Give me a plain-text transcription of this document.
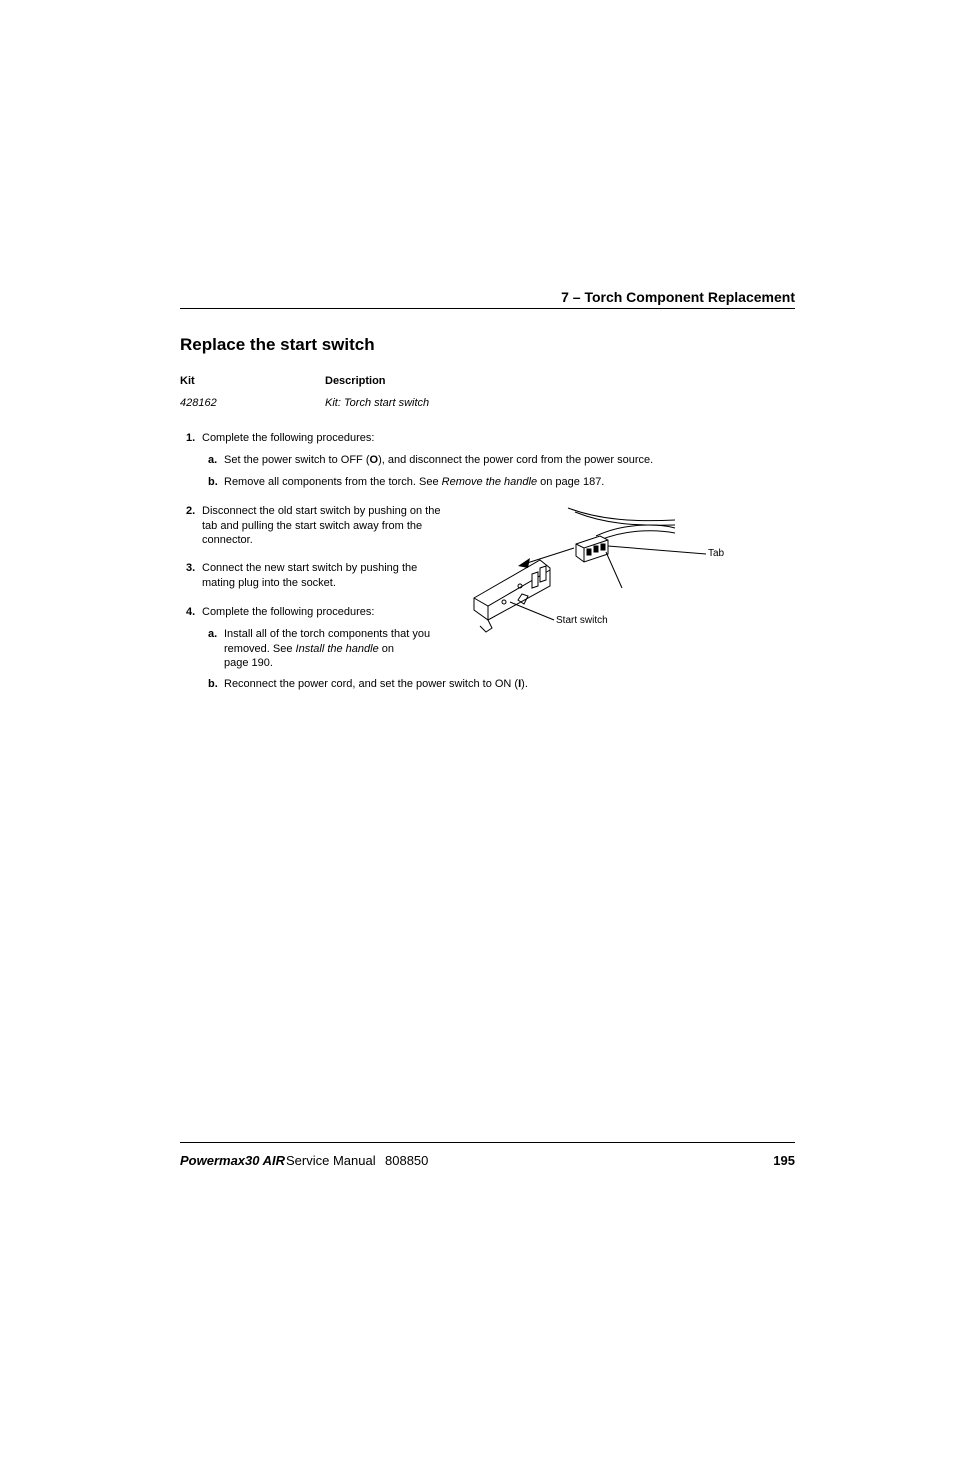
7 – Torch Component Replacement
Replace the start switch
Kit	Description
428162	Kit: Torch start switch
1. Complete the following procedures:
a. Set the power switch to OFF (O), and disconnect the power cord from the power source.
b. Remove all components from the torch. See Remove the handle on page 187.
2. Disconnect the old start switch by pushing on the
tab and pulling the start switch away from the
connector.
3. Connect the new start switch by pushing the
mating plug into the socket.
4. Complete the following procedures:
a. Install all of the torch components that you
removed. See Install the handle on
page 190.
b. Reconnect the power cord, and set the power switch to ON (I).
Tab
Start switch
Powermax30 AIR Service Manual 808850	195
